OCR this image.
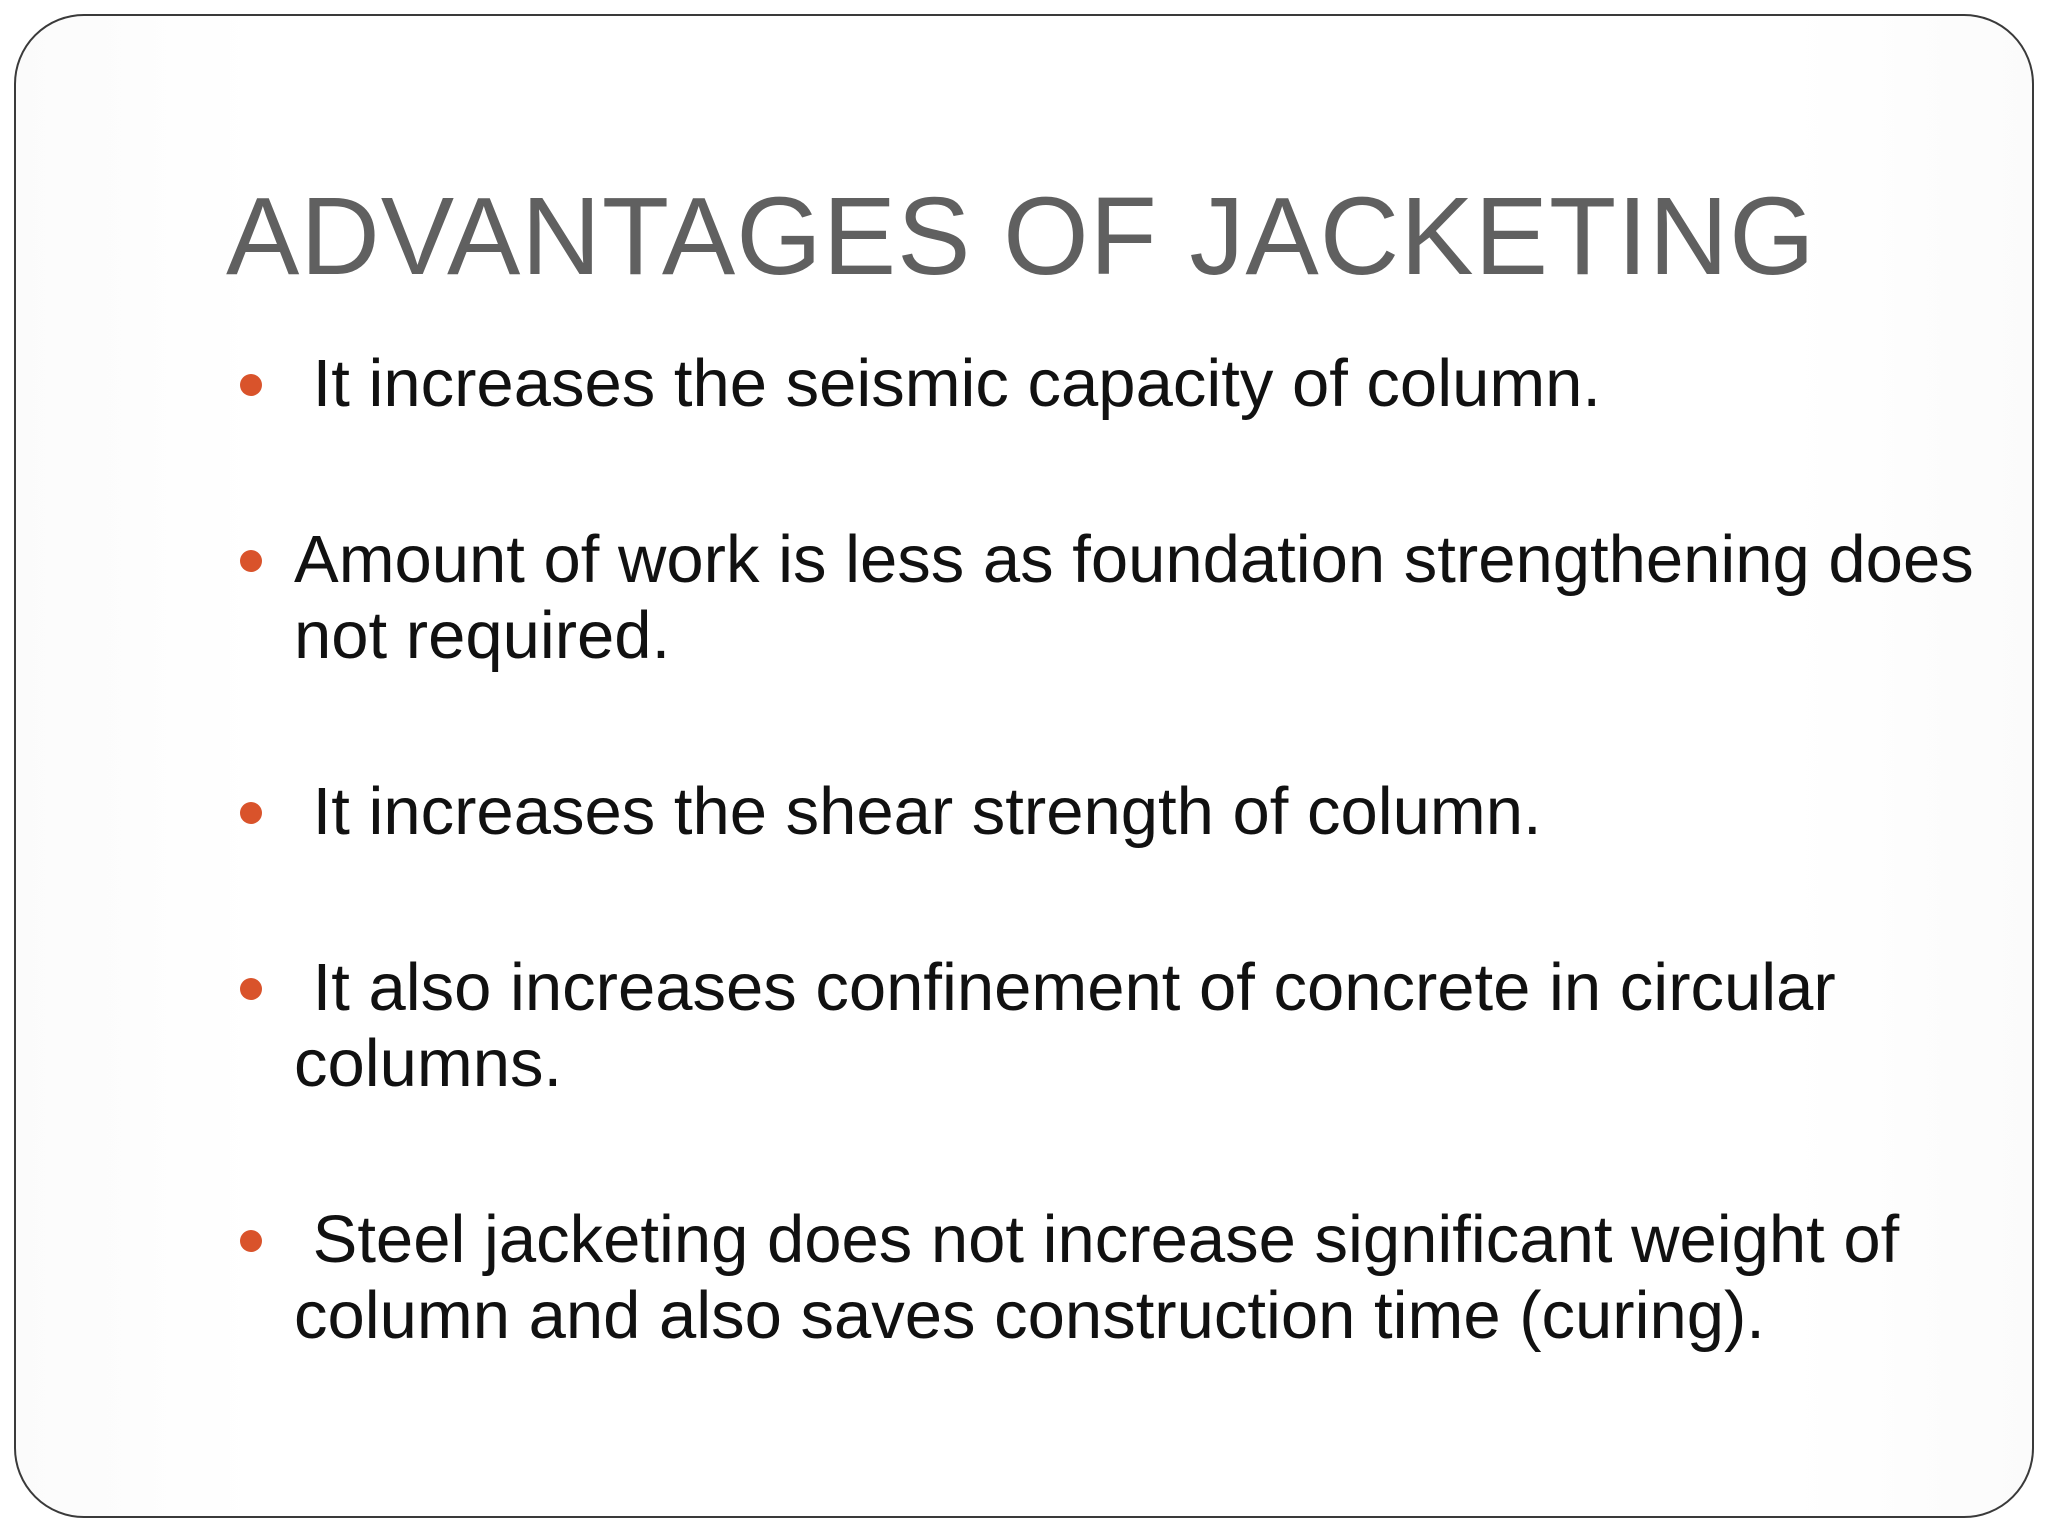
ADVANTAGES OF JACKETING
It increases the seismic capacity of column.
Amount of work is less as foundation strengthening does not required.
It increases the shear strength of column.
It also increases confinement of concrete in circular columns.
Steel jacketing does not increase significant weight of column and also saves construction time (curing).
